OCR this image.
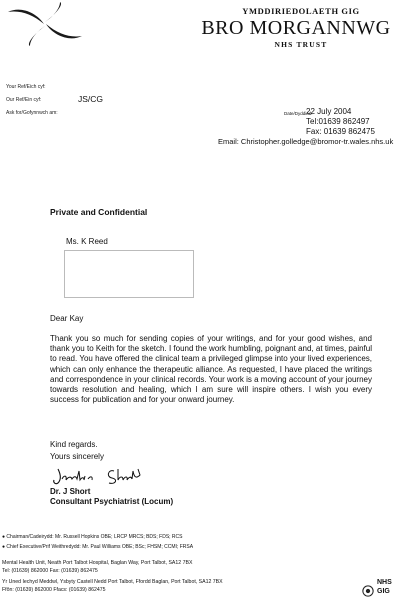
YMDDIRIEDOLAETH GIG
BRO MORGANNWG
NHS TRUST
Your Ref/Eich cyf:
Our Ref/Ein cyf:	JS/CG
Ask for/Gofynnwch am:	Date/Dyddiad:
22 July 2004
Tel:01639 862497
Fax: 01639 862475
Email: Christopher.golledge@bromor-tr.wales.nhs.uk
Private and Confidential
Ms. K Reed
Dear Kay

Thank you so much for sending copies of your writings, and for your good wishes, and thank you to Keith for the sketch. I found the work humbling, poignant and, at times, painful to read. You have offered the clinical team a privileged glimpse into your lived experiences, which can only enhance the therapeutic alliance. As requested, I have placed the writings and correspondence in your clinical records. Your work is a moving account of your journey towards resolution and healing, which I am sure will inspire others. I wish you every success for publication and for your onward journey.

Kind regards.
Yours sincerely
Dr. J Short
Consultant Psychiatrist (Locum)
● Chairman/Cadeirydd: Mr. Russell Hopkins OBE; LRCP MRCS; BDS; FDS; RCS
● Chief Executive/Prif Weithredydd: Mr. Paul Williams OBE; BSc; FHSM; CCMI; FRSA
Mental Health Unit, Neath Port Talbot Hospital, Baglan Way, Port Talbot, SA12 7BX
Tel: (01639) 862000 Fax: (01639) 862475
Yr Uned Iechyd Meddwl, Ysbyty Castell Nedd Port Talbot, Ffordd Baglan, Port Talbot, SA12 7BX
Ffôn: (01639) 862000 Ffacs: (01639) 862475
NHS
GIG
